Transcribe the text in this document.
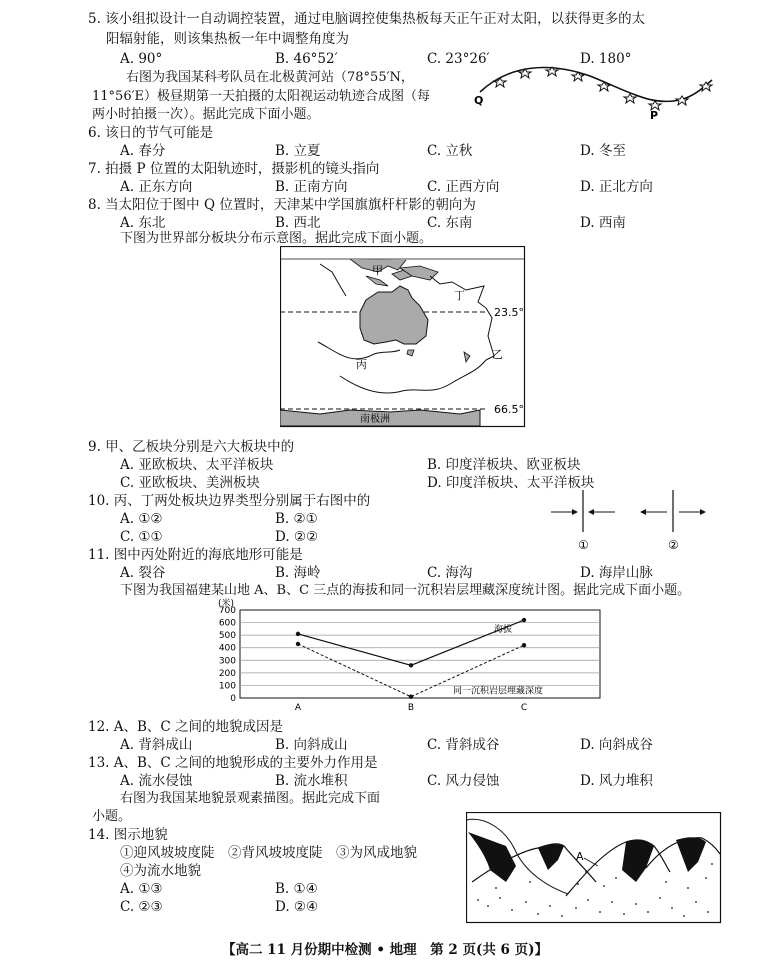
5. 该小组拟设计一自动调控装置，通过电脑调控使集热板每天正午正对太阳，以获得更多的太
阳辐射能，则该集热板一年中调整角度为
A. 90°	B. 46°52′	C. 23°26′	D. 180°
右图为我国某科考队员在北极黄河站（78°55′N，
11°56′E）极昼期第一天拍摄的太阳视运动轨迹合成图（每
两小时拍摄一次）。据此完成下面小题。
Q
P
6. 该日的节气可能是
A. 春分	B. 立夏	C. 立秋	D. 冬至
7. 拍摄 P 位置的太阳轨迹时，摄影机的镜头指向
A. 正东方向	B. 正南方向	C. 正西方向	D. 正北方向
8. 当太阳位于图中 Q 位置时，天津某中学国旗旗杆杆影的朝向为
A. 东北	B. 西北	C. 东南	D. 西南
下图为世界部分板块分布示意图。据此完成下面小题。
23.5°
66.5°
南极洲
甲
丁
乙
丙
9. 甲、乙板块分别是六大板块中的
A. 亚欧板块、太平洋板块	B. 印度洋板块、欧亚板块
C. 亚欧板块、美洲板块	D. 印度洋板块、太平洋板块
10. 丙、丁两处板块边界类型分别属于右图中的
A. ①②	B. ②①
C. ①①	D. ②②	①	②
11. 图中丙处附近的海底地形可能是
A. 裂谷	B. 海岭	C. 海沟	D. 海岸山脉
下图为我国福建某山地 A、B、C 三点的海拔和同一沉积岩层埋藏深度统计图。据此完成下面小题。
(米)
700
600
500
400
300
200
100
0
A	B	C
海拔
同一沉积岩层埋藏深度
12. A、B、C 之间的地貌成因是
A. 背斜成山	B. 向斜成山	C. 背斜成谷	D. 向斜成谷
13. A、B、C 之间的地貌形成的主要外力作用是
A. 流水侵蚀	B. 流水堆积	C. 风力侵蚀	D. 风力堆积
右图为我国某地貌景观素描图。据此完成下面
小题。
14. 图示地貌
①迎风坡坡度陡　②背风坡坡度陡　③为风成地貌
④为流水地貌
A. ①③	B. ①④
C. ②③	D. ②④
A
【高二 11 月份期中检测 • 地理　第 2 页(共 6 页)】
